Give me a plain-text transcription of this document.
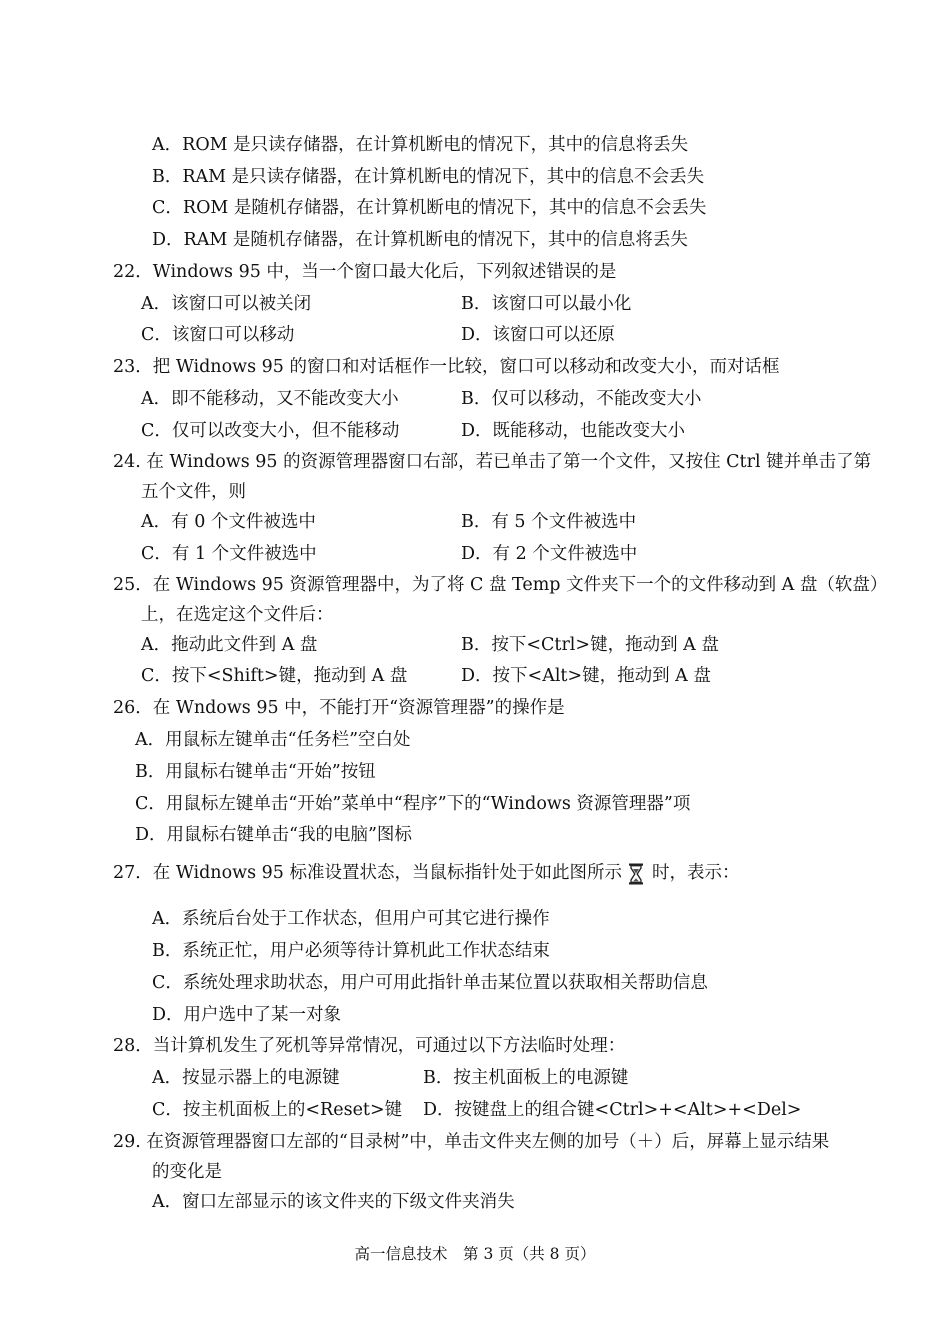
A．ROM 是只读存储器，在计算机断电的情况下，其中的信息将丢失
B．RAM 是只读存储器，在计算机断电的情况下，其中的信息不会丢失
C．ROM 是随机存储器，在计算机断电的情况下，其中的信息不会丢失
D．RAM 是随机存储器，在计算机断电的情况下，其中的信息将丢失
22．Windows 95 中，当一个窗口最大化后，下列叙述错误的是
A．该窗口可以被关闭	B．该窗口可以最小化
C．该窗口可以移动	D．该窗口可以还原
23．把 Widnows 95 的窗口和对话框作一比较，窗口可以移动和改变大小，而对话框
A．即不能移动，又不能改变大小	B．仅可以移动，不能改变大小
C．仅可以改变大小，但不能移动	D．既能移动，也能改变大小
24. 在 Windows 95 的资源管理器窗口右部，若已单击了第一个文件，又按住 Ctrl 键并单击了第
五个文件，则
A．有 0 个文件被选中	B．有 5 个文件被选中
C．有 1 个文件被选中	D．有 2 个文件被选中
25．在 Windows 95 资源管理器中，为了将 C 盘 Temp 文件夹下一个的文件移动到 A 盘（软盘）
上，在选定这个文件后：
A．拖动此文件到 A 盘	B．按下<Ctrl>键，拖动到 A 盘
C．按下<Shift>键，拖动到 A 盘	D．按下<Alt>键，拖动到 A 盘
26．在 Wndows 95 中，不能打开“资源管理器”的操作是
A．用鼠标左键单击“任务栏”空白处
B．用鼠标右键单击“开始”按钮
C．用鼠标左键单击“开始”菜单中“程序”下的“Windows 资源管理器”项
D．用鼠标右键单击“我的电脑”图标
27．在 Widnows 95 标准设置状态，当鼠标指针处于如此图所示 时，表示：
A．系统后台处于工作状态，但用户可其它进行操作
B．系统正忙，用户必须等待计算机此工作状态结束
C．系统处理求助状态，用户可用此指针单击某位置以获取相关帮助信息
D．用户选中了某一对象
28．当计算机发生了死机等异常情况，可通过以下方法临时处理：
A．按显示器上的电源键	B．按主机面板上的电源键
C．按主机面板上的<Reset>键 D．按键盘上的组合键<Ctrl>+<Alt>+<Del>
29. 在资源管理器窗口左部的“目录树”中，单击文件夹左侧的加号（＋）后，屏幕上显示结果
的变化是
A．窗口左部显示的该文件夹的下级文件夹消失
高一信息技术　第 3 页（共 8 页）
